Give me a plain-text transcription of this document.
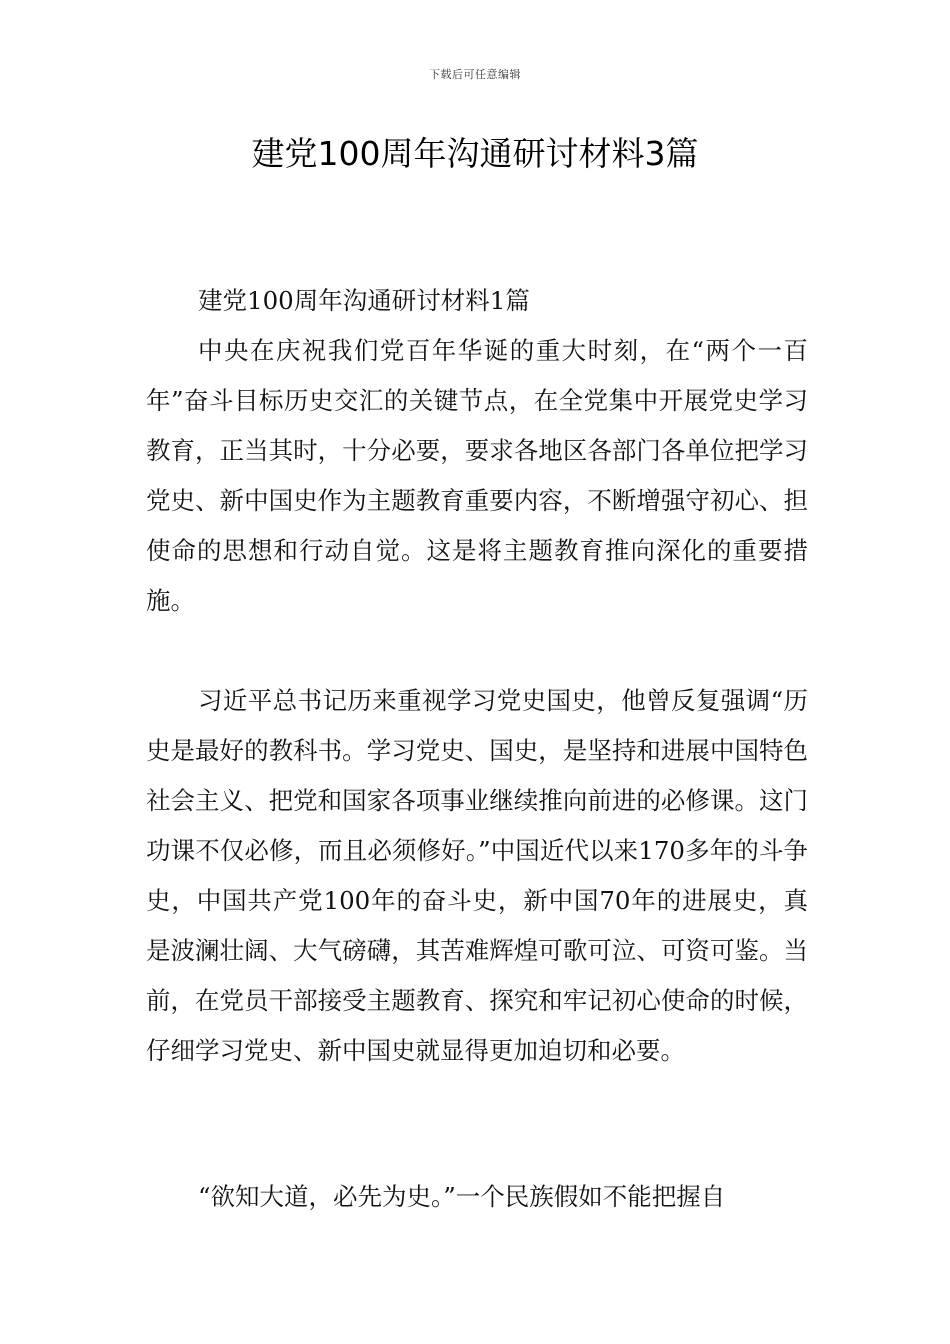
下载后可任意编辑
建党100周年沟通研讨材料3篇

建党100周年沟通研讨材料1篇

中央在庆祝我们党百年华诞的重大时刻，在“两个一百年”奋斗目标历史交汇的关键节点，在全党集中开展党史学习教育，正当其时，十分必要，要求各地区各部门各单位把学习党史、新中国史作为主题教育重要内容，不断增强守初心、担使命的思想和行动自觉。这是将主题教育推向深化的重要措施。

习近平总书记历来重视学习党史国史，他曾反复强调“历史是最好的教科书。学习党史、国史，是坚持和进展中国特色社会主义、把党和国家各项事业继续推向前进的必修课。这门功课不仅必修，而且必须修好。”中国近代以来170多年的斗争史，中国共产党100年的奋斗史，新中国70年的进展史，真是波澜壮阔、大气磅礴，其苦难辉煌可歌可泣、可资可鉴。当前，在党员干部接受主题教育、探究和牢记初心使命的时候，仔细学习党史、新中国史就显得更加迫切和必要。

“欲知大道，必先为史。”一个民族假如不能把握自
